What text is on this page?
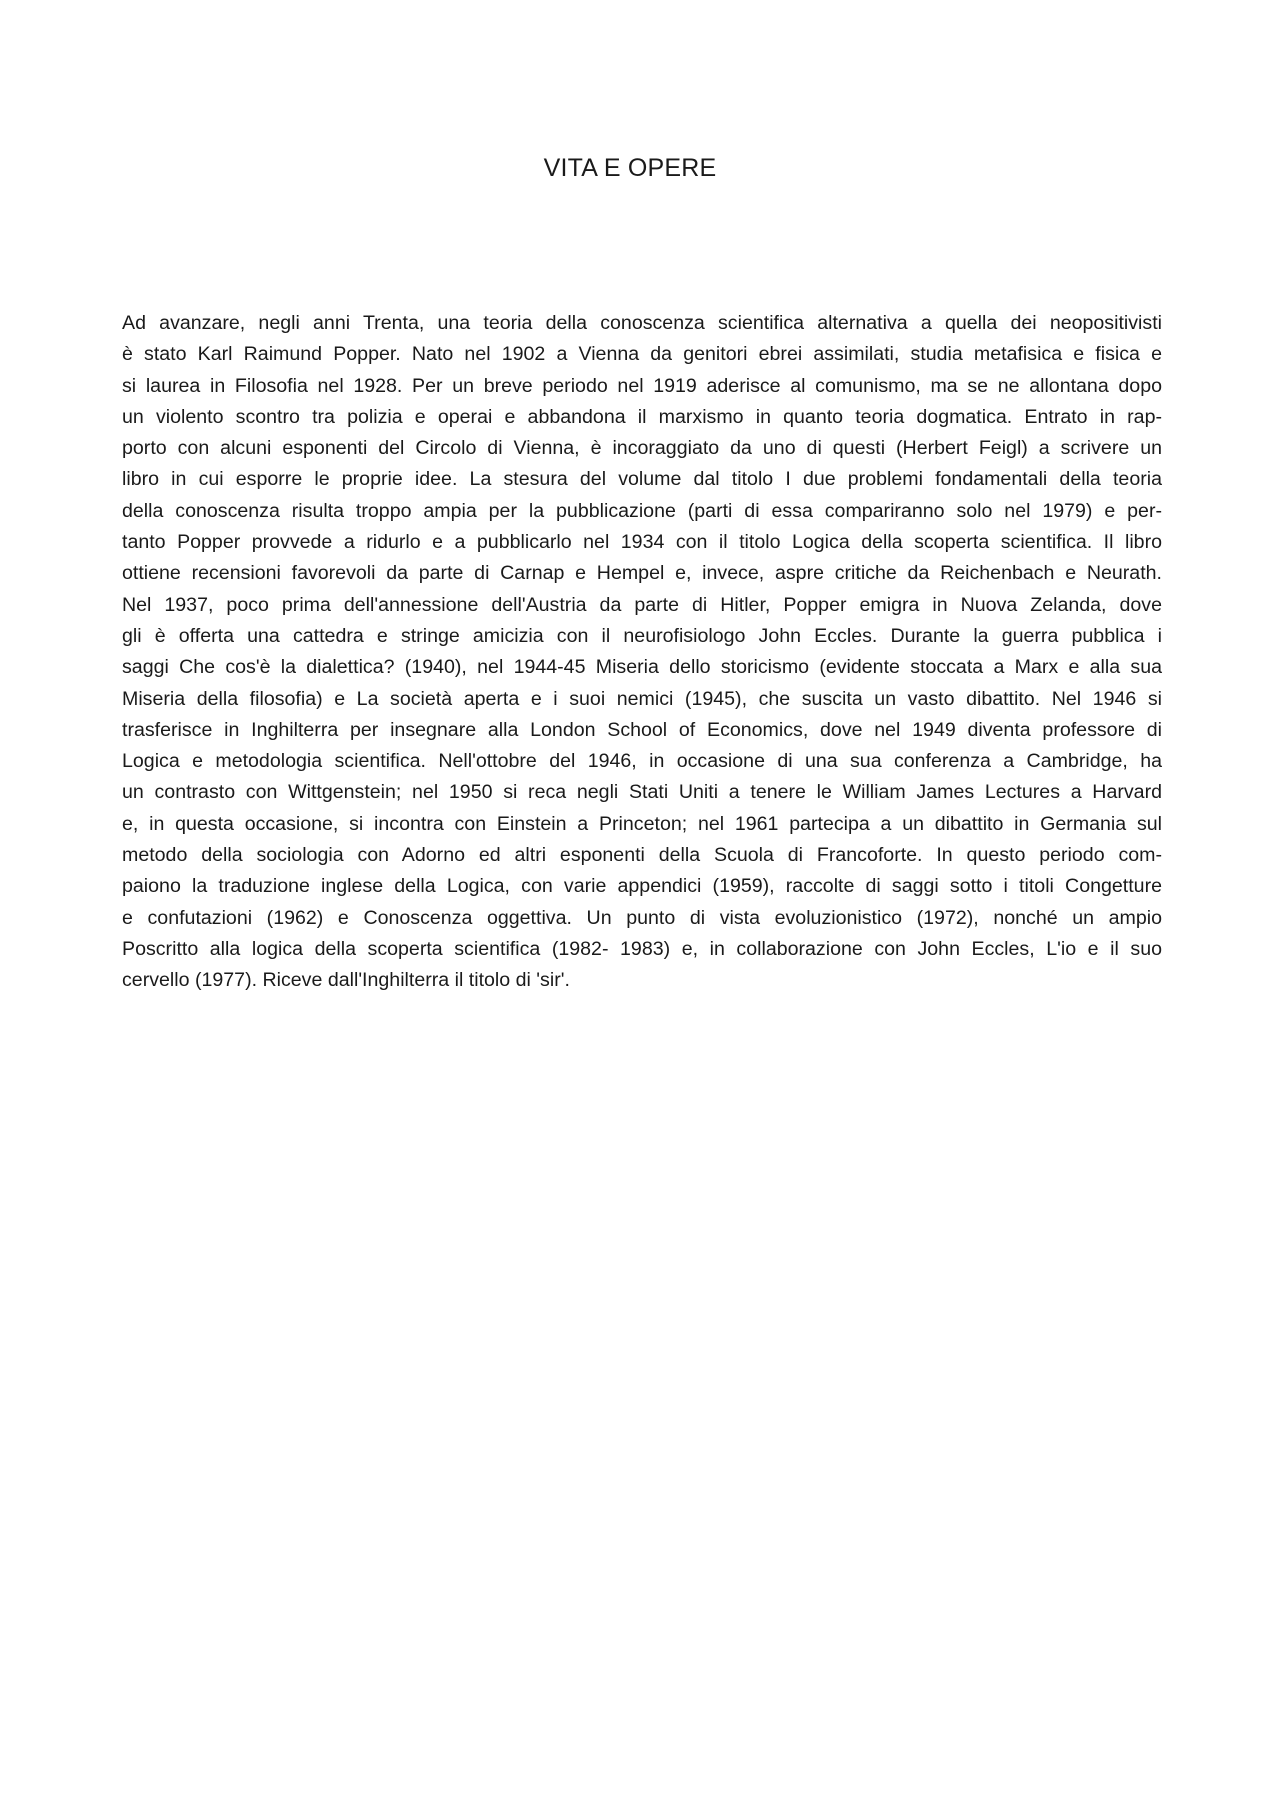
VITA E OPERE
Ad avanzare, negli anni Trenta, una teoria della conoscenza scientifica alternativa a quella dei neopositivisti
è stato Karl Raimund Popper. Nato nel 1902 a Vienna da genitori ebrei assimilati, studia metafisica e fisica e
si laurea in Filosofia nel 1928. Per un breve periodo nel 1919 aderisce al comunismo, ma se ne allontana dopo
un violento scontro tra polizia e operai e abbandona il marxismo in quanto teoria dogmatica. Entrato in rap-
porto con alcuni esponenti del Circolo di Vienna, è incoraggiato da uno di questi (Herbert Feigl) a scrivere un
libro in cui esporre le proprie idee. La stesura del volume dal titolo I due problemi fondamentali della teoria
della conoscenza risulta troppo ampia per la pubblicazione (parti di essa compariranno solo nel 1979) e per-
tanto Popper provvede a ridurlo e a pubblicarlo nel 1934 con il titolo Logica della scoperta scientifica. Il libro
ottiene recensioni favorevoli da parte di Carnap e Hempel e, invece, aspre critiche da Reichenbach e Neurath.
Nel 1937, poco prima dell'annessione dell'Austria da parte di Hitler, Popper emigra in Nuova Zelanda, dove
gli è offerta una cattedra e stringe amicizia con il neurofisiologo John Eccles. Durante la guerra pubblica i
saggi Che cos'è la dialettica? (1940), nel 1944-45 Miseria dello storicismo (evidente stoccata a Marx e alla sua
Miseria della filosofia) e La società aperta e i suoi nemici (1945), che suscita un vasto dibattito. Nel 1946 si
trasferisce in Inghilterra per insegnare alla London School of Economics, dove nel 1949 diventa professore di
Logica e metodologia scientifica. Nell'ottobre del 1946, in occasione di una sua conferenza a Cambridge, ha
un contrasto con Wittgenstein; nel 1950 si reca negli Stati Uniti a tenere le William James Lectures a Harvard
e, in questa occasione, si incontra con Einstein a Princeton; nel 1961 partecipa a un dibattito in Germania sul
metodo della sociologia con Adorno ed altri esponenti della Scuola di Francoforte. In questo periodo com-
paiono la traduzione inglese della Logica, con varie appendici (1959), raccolte di saggi sotto i titoli Congetture
e confutazioni (1962) e Conoscenza oggettiva. Un punto di vista evoluzionistico (1972), nonché un ampio
Poscritto alla logica della scoperta scientifica (1982- 1983) e, in collaborazione con John Eccles, L'io e il suo
cervello (1977). Riceve dall'Inghilterra il titolo di 'sir'.
